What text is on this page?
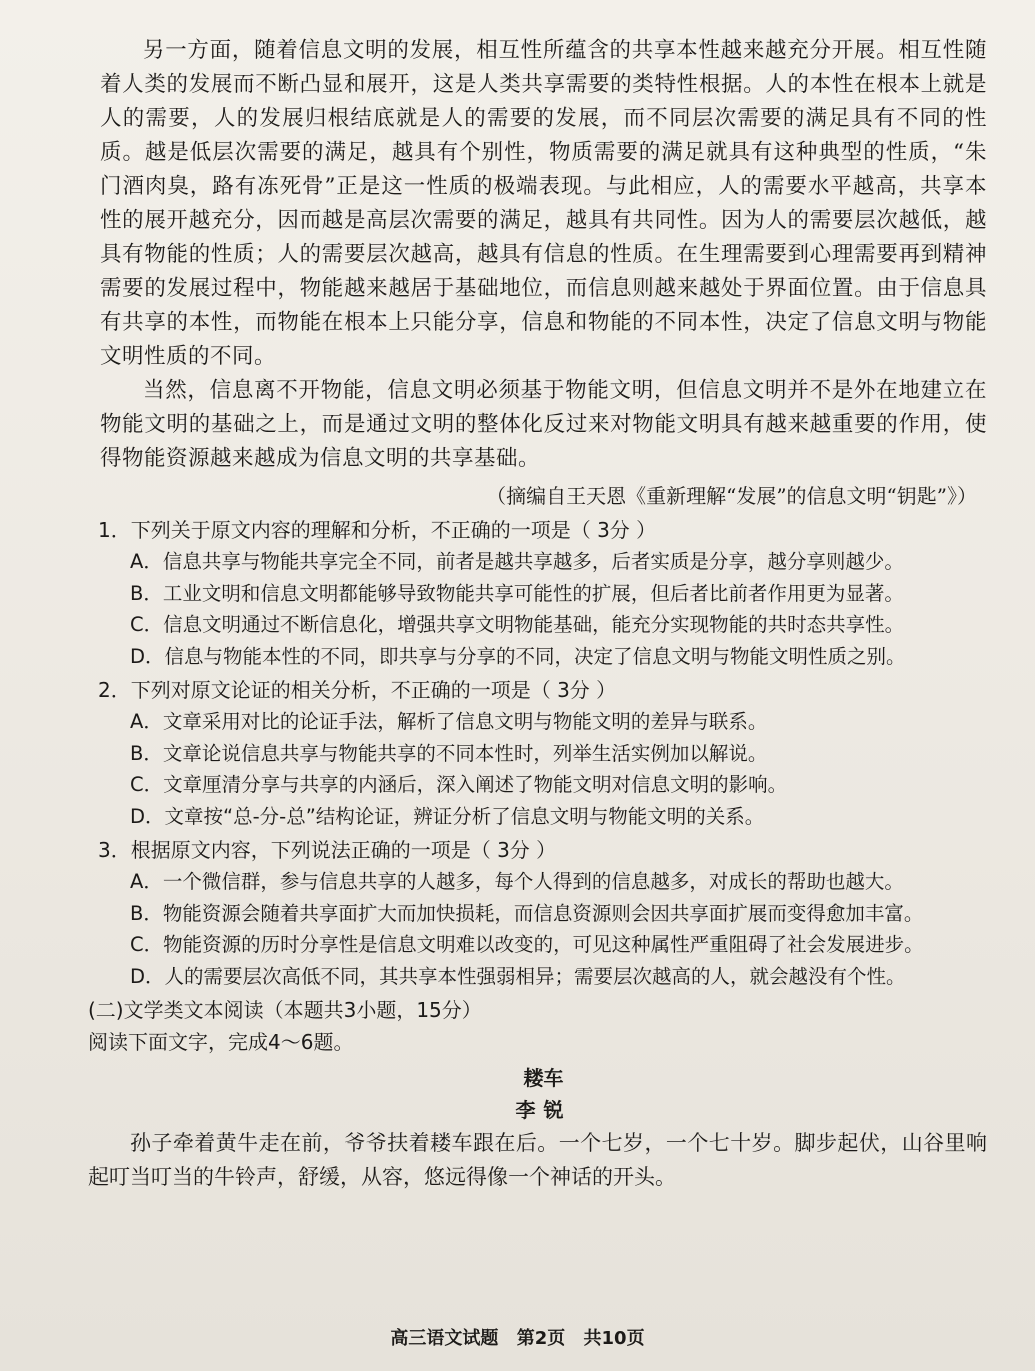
另一方面，随着信息文明的发展，相互性所蕴含的共享本性越来越充分开展。相互性随着人类的发展而不断凸显和展开，这是人类共享需要的类特性根据。人的本性在根本上就是人的需要，人的发展归根结底就是人的需要的发展，而不同层次需要的满足具有不同的性质。越是低层次需要的满足，越具有个别性，物质需要的满足就具有这种典型的性质，“朱门酒肉臭，路有冻死骨”正是这一性质的极端表现。与此相应，人的需要水平越高，共享本性的展开越充分，因而越是高层次需要的满足，越具有共同性。因为人的需要层次越低，越具有物能的性质；人的需要层次越高，越具有信息的性质。在生理需要到心理需要再到精神需要的发展过程中，物能越来越居于基础地位，而信息则越来越处于界面位置。由于信息具有共享的本性，而物能在根本上只能分享，信息和物能的不同本性，决定了信息文明与物能文明性质的不同。

当然，信息离不开物能，信息文明必须基于物能文明，但信息文明并不是外在地建立在物能文明的基础之上，而是通过文明的整体化反过来对物能文明具有越来越重要的作用，使得物能资源越来越成为信息文明的共享基础。

（摘编自王天恩《重新理解“发展”的信息文明“钥匙”》）

1．下列关于原文内容的理解和分析，不正确的一项是（ 3分 ）

A．信息共享与物能共享完全不同，前者是越共享越多，后者实质是分享，越分享则越少。

B．工业文明和信息文明都能够导致物能共享可能性的扩展，但后者比前者作用更为显著。

C．信息文明通过不断信息化，增强共享文明物能基础，能充分实现物能的共时态共享性。

D．信息与物能本性的不同，即共享与分享的不同，决定了信息文明与物能文明性质之别。

2．下列对原文论证的相关分析，不正确的一项是（ 3分 ）

A．文章采用对比的论证手法，解析了信息文明与物能文明的差异与联系。

B．文章论说信息共享与物能共享的不同本性时，列举生活实例加以解说。

C．文章厘清分享与共享的内涵后，深入阐述了物能文明对信息文明的影响。

D．文章按“总-分-总”结构论证，辨证分析了信息文明与物能文明的关系。

3．根据原文内容，下列说法正确的一项是（ 3分 ）

A．一个微信群，参与信息共享的人越多，每个人得到的信息越多，对成长的帮助也越大。

B．物能资源会随着共享面扩大而加快损耗，而信息资源则会因共享面扩展而变得愈加丰富。

C．物能资源的历时分享性是信息文明难以改变的，可见这种属性严重阻碍了社会发展进步。

D．人的需要层次高低不同，其共享本性强弱相异；需要层次越高的人，就会越没有个性。

(二)文学类文本阅读（本题共3小题，15分）

阅读下面文字，完成4～6题。

耧车
李锐

孙子牵着黄牛走在前，爷爷扶着耧车跟在后。一个七岁，一个七十岁。脚步起伏，山谷里响起叮当叮当的牛铃声，舒缓，从容，悠远得像一个神话的开头。

高三语文试题 第2页 共10页
